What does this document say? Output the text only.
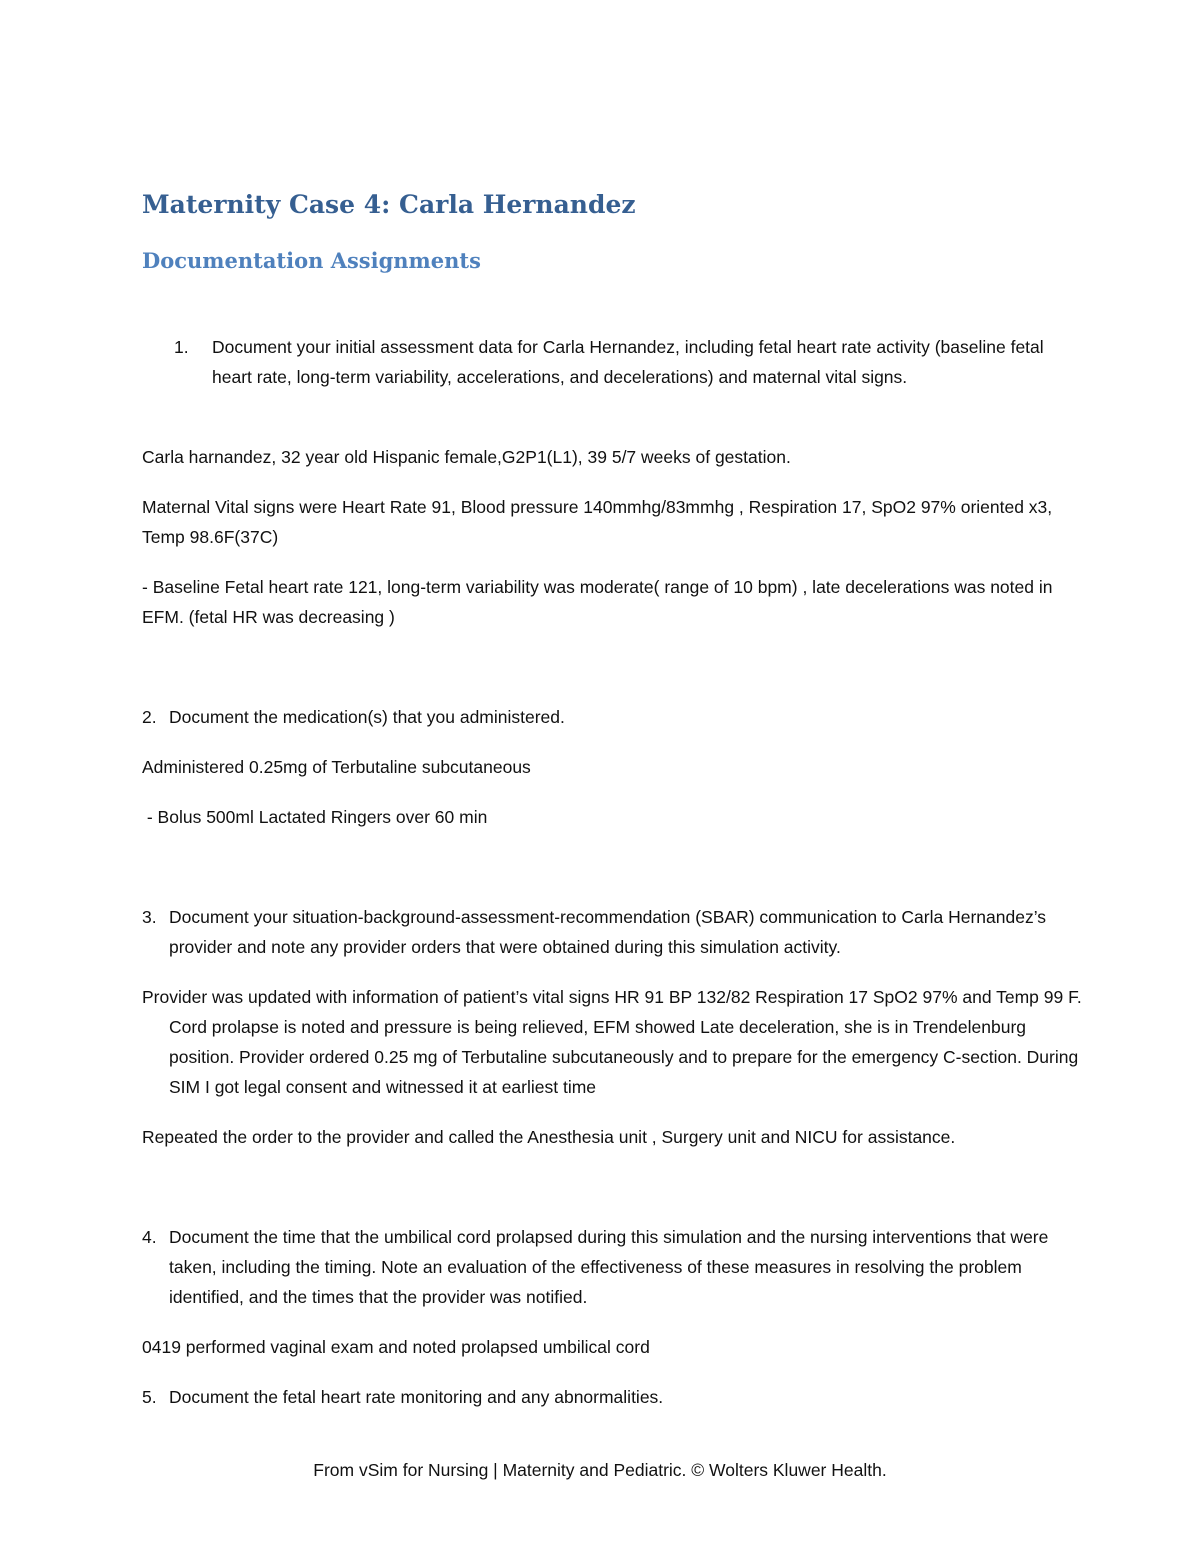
Maternity Case 4: Carla Hernandez
Documentation Assignments
1.	Document your initial assessment data for Carla Hernandez, including fetal heart rate activity (baseline fetal heart rate, long-term variability, accelerations, and decelerations) and maternal vital signs.

Carla harnandez, 32 year old Hispanic female,G2P1(L1), 39 5/7 weeks of gestation.

Maternal Vital signs were Heart Rate 91, Blood pressure 140mmhg/83mmhg , Respiration 17, SpO2 97% oriented x3, Temp 98.6F(37C)

- Baseline Fetal heart rate 121, long-term variability was moderate( range of 10 bpm) , late decelerations was noted in EFM. (fetal HR was decreasing )

2. Document the medication(s) that you administered.

Administered 0.25mg of Terbutaline subcutaneous

- Bolus 500ml Lactated Ringers over 60 min

3. Document your situation-background-assessment-recommendation (SBAR) communication to Carla Hernandez’s provider and note any provider orders that were obtained during this simulation activity.

Provider was updated with information of patient’s vital signs HR 91 BP 132/82 Respiration 17 SpO2 97% and Temp 99 F. Cord prolapse is noted and pressure is being relieved, EFM showed Late deceleration, she is in Trendelenburg position. Provider ordered 0.25 mg of Terbutaline subcutaneously and to prepare for the emergency C-section. During SIM I got legal consent and witnessed it at earliest time

Repeated the order to the provider and called the Anesthesia unit , Surgery unit and NICU for assistance.

4. Document the time that the umbilical cord prolapsed during this simulation and the nursing interventions that were taken, including the timing. Note an evaluation of the effectiveness of these measures in resolving the problem identified, and the times that the provider was notified.

0419 performed vaginal exam and noted prolapsed umbilical cord

5. Document the fetal heart rate monitoring and any abnormalities.

From vSim for Nursing | Maternity and Pediatric. © Wolters Kluwer Health.
